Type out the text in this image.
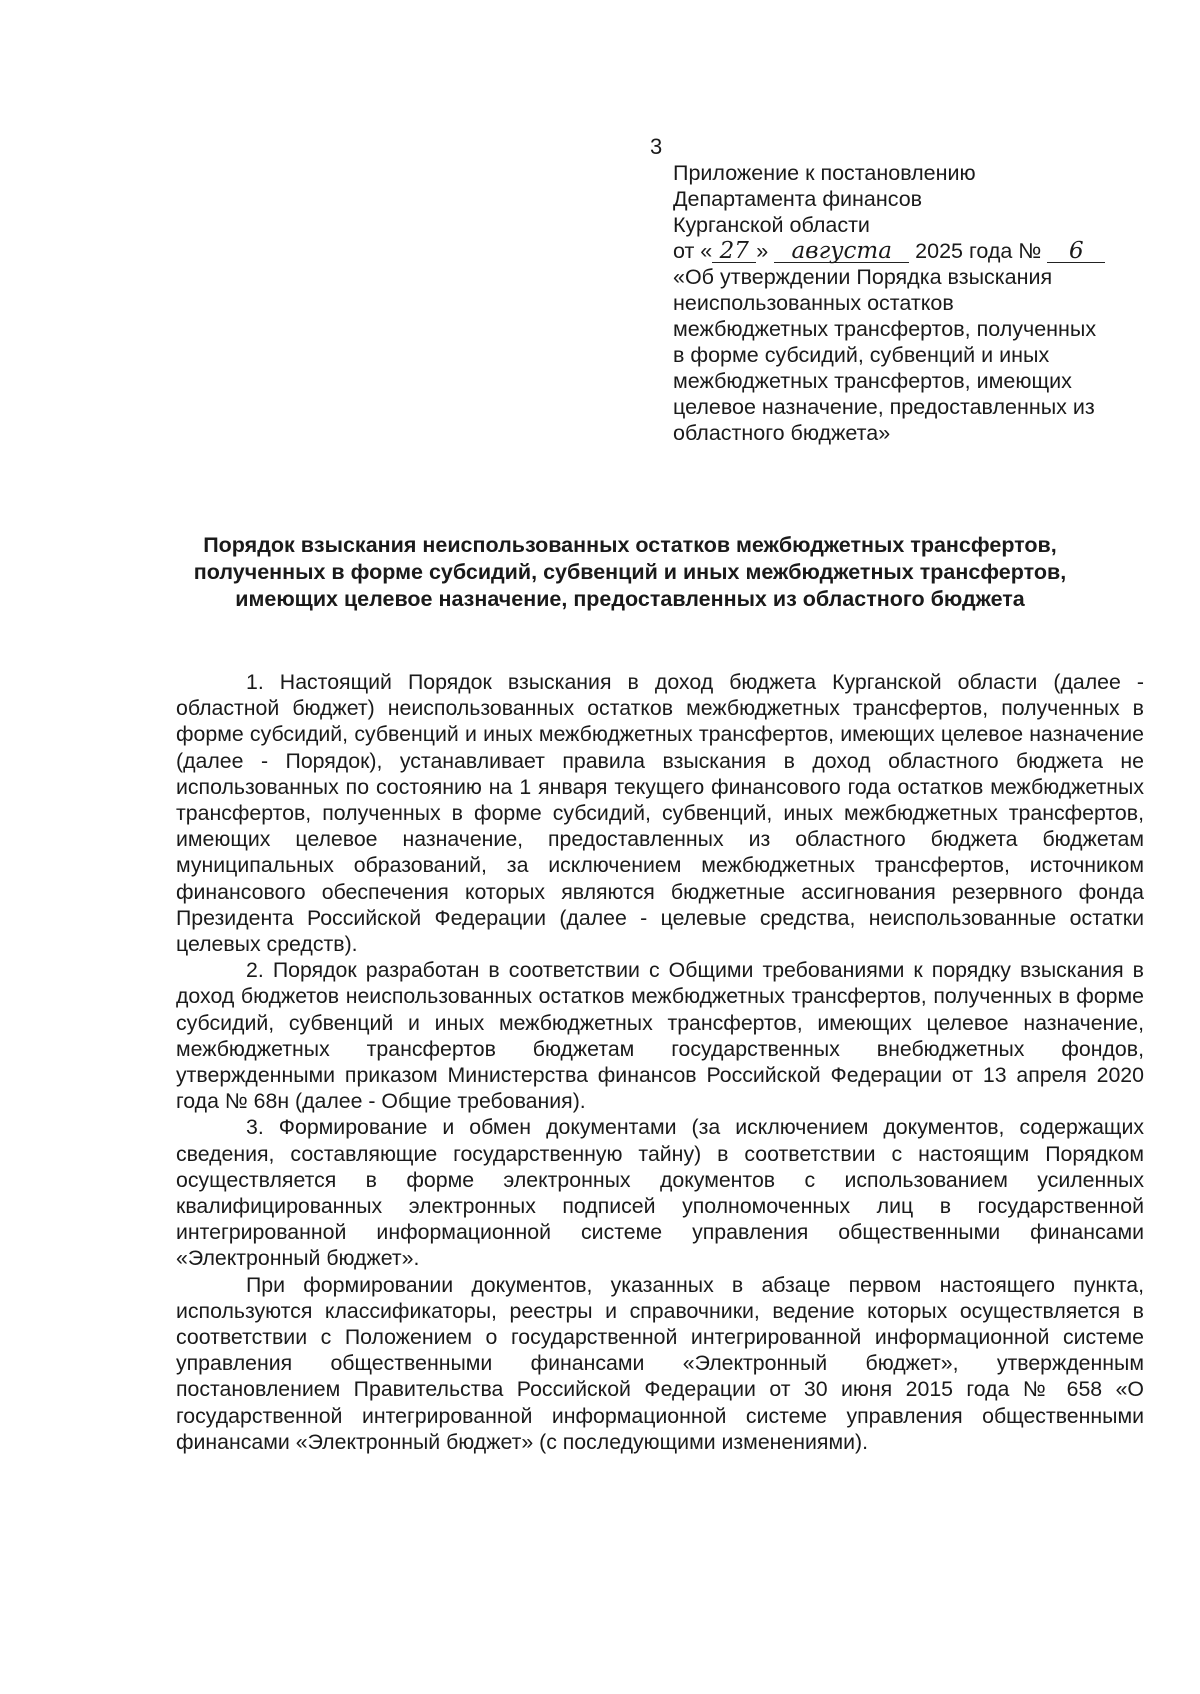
3
Приложение к постановлению
Департамента финансов
Курганской области
от « 27 » августа 2025 года № 6
«Об утверждении Порядка взыскания
неиспользованных остатков
межбюджетных трансфертов, полученных
в форме субсидий, субвенций и иных
межбюджетных трансфертов, имеющих
целевое назначение, предоставленных из
областного бюджета»
Порядок взыскания неиспользованных остатков межбюджетных трансфертов,
полученных в форме субсидий, субвенций и иных межбюджетных трансфертов,
имеющих целевое назначение, предоставленных из областного бюджета

1. Настоящий Порядок взыскания в доход бюджета Курганской области (далее - областной бюджет) неиспользованных остатков межбюджетных трансфертов, полученных в форме субсидий, субвенций и иных межбюджетных трансфертов, имеющих целевое назначение (далее - Порядок), устанавливает правила взыскания в доход областного бюджета не использованных по состоянию на 1 января текущего финансового года остатков межбюджетных трансфертов, полученных в форме субсидий, субвенций, иных межбюджетных трансфертов, имеющих целевое назначение, предоставленных из областного бюджета бюджетам муниципальных образований, за исключением межбюджетных трансфертов, источником финансового обеспечения которых являются бюджетные ассигнования резервного фонда Президента Российской Федерации (далее - целевые средства, неиспользованные остатки целевых средств).

2. Порядок разработан в соответствии с Общими требованиями к порядку взыскания в доход бюджетов неиспользованных остатков межбюджетных трансфертов, полученных в форме субсидий, субвенций и иных межбюджетных трансфертов, имеющих целевое назначение, межбюджетных трансфертов бюджетам государственных внебюджетных фондов, утвержденными приказом Министерства финансов Российской Федерации от 13 апреля 2020 года № 68н (далее - Общие требования).

3. Формирование и обмен документами (за исключением документов, содержащих сведения, составляющие государственную тайну) в соответствии с настоящим Порядком осуществляется в форме электронных документов с использованием усиленных квалифицированных электронных подписей уполномоченных лиц в государственной интегрированной информационной системе управления общественными финансами «Электронный бюджет».

При формировании документов, указанных в абзаце первом настоящего пункта, используются классификаторы, реестры и справочники, ведение которых осуществляется в соответствии с Положением о государственной интегрированной информационной системе управления общественными финансами «Электронный бюджет», утвержденным постановлением Правительства Российской Федерации от 30 июня 2015 года № 658 «О государственной интегрированной информационной системе управления общественными финансами «Электронный бюджет» (с последующими изменениями).
